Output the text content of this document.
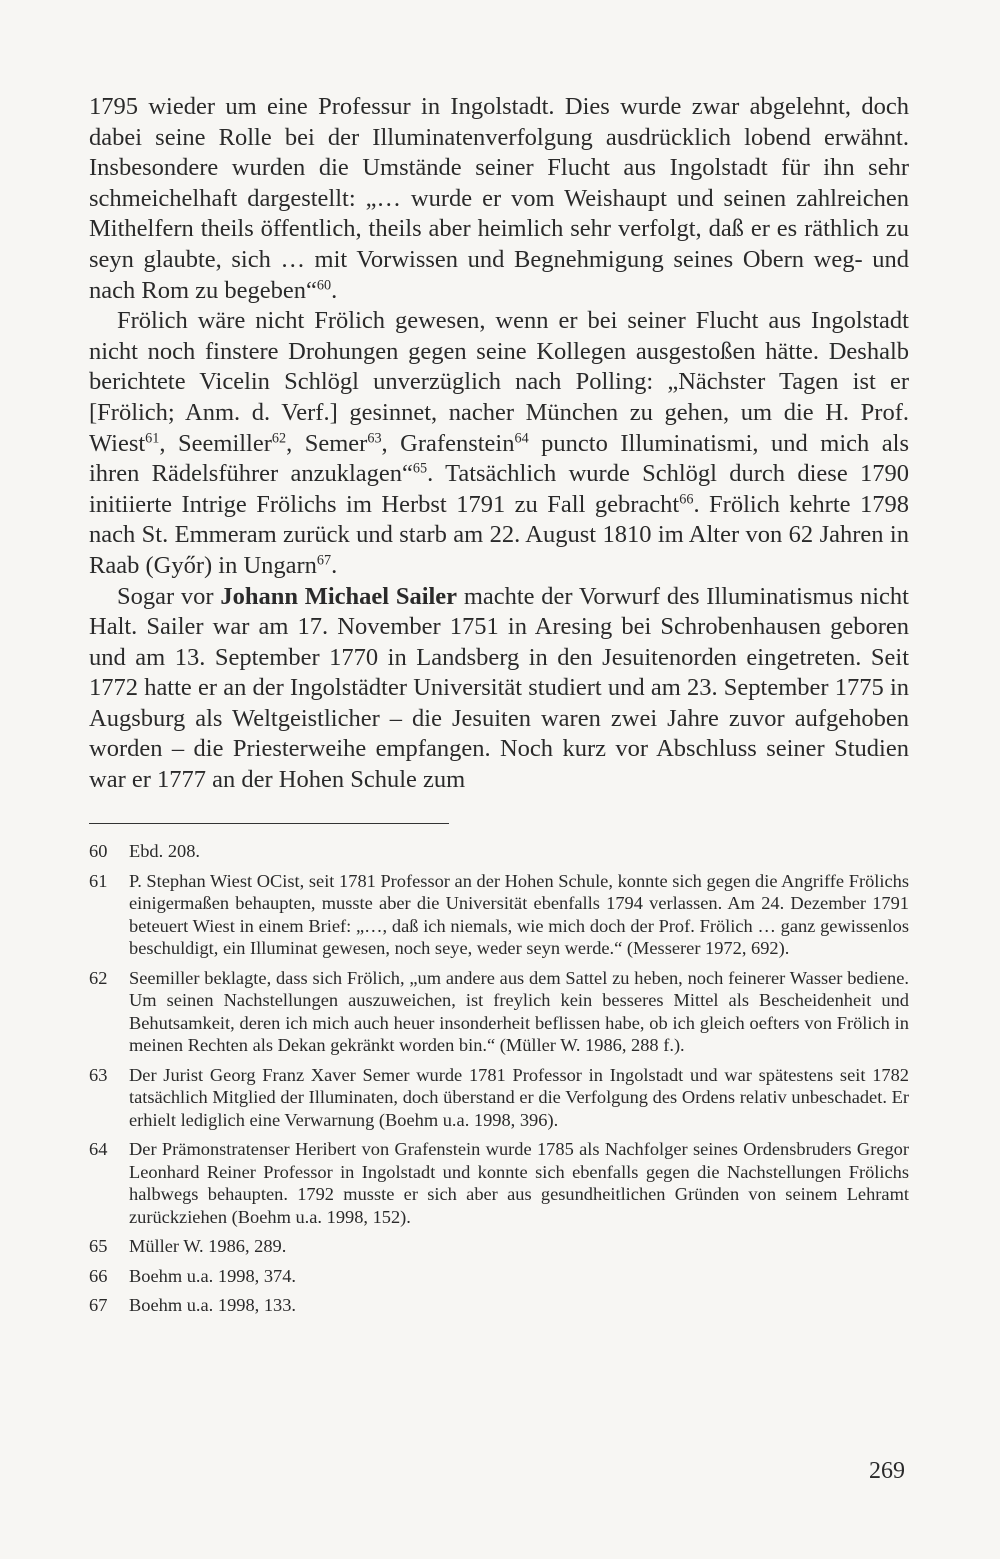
1795 wieder um eine Professur in Ingolstadt. Dies wurde zwar abgelehnt, doch dabei seine Rolle bei der Illuminatenverfolgung ausdrücklich lobend erwähnt. Insbesondere wurden die Umstände seiner Flucht aus Ingolstadt für ihn sehr schmeichelhaft dargestellt: „… wurde er vom Weishaupt und seinen zahlreichen Mithelfern theils öffentlich, theils aber heimlich sehr verfolgt, daß er es räthlich zu seyn glaubte, sich … mit Vorwissen und Begnehmigung seines Obern weg- und nach Rom zu begeben“$^{60}$.

Frölich wäre nicht Frölich gewesen, wenn er bei seiner Flucht aus Ingolstadt nicht noch finstere Drohungen gegen seine Kollegen ausgestoßen hätte. Deshalb berichtete Vicelin Schlögl unverzüglich nach Polling: „Nächster Tagen ist er [Frölich; Anm. d. Verf.] gesinnet, nacher München zu gehen, um die H. Prof. Wiest$^{61}$, Seemiller$^{62}$, Semer$^{63}$, Grafenstein$^{64}$ puncto Illuminatismi, und mich als ihren Rädelsführer anzuklagen“$^{65}$. Tatsächlich wurde Schlögl durch diese 1790 initiierte Intrige Frölichs im Herbst 1791 zu Fall gebracht$^{66}$. Frölich kehrte 1798 nach St. Emmeram zurück und starb am 22. August 1810 im Alter von 62 Jahren in Raab (Győr) in Ungarn$^{67}$.

Sogar vor Johann Michael Sailer machte der Vorwurf des Illuminatismus nicht Halt. Sailer war am 17. November 1751 in Aresing bei Schrobenhausen geboren und am 13. September 1770 in Landsberg in den Jesuitenorden eingetreten. Seit 1772 hatte er an der Ingolstädter Universität studiert und am 23. September 1775 in Augsburg als Weltgeistlicher – die Jesuiten waren zwei Jahre zuvor aufgehoben worden – die Priesterweihe empfangen. Noch kurz vor Abschluss seiner Studien war er 1777 an der Hohen Schule zum

60	Ebd. 208.
61	P. Stephan Wiest OCist, seit 1781 Professor an der Hohen Schule, konnte sich gegen die Angriffe Frölichs einigermaßen behaupten, musste aber die Universität ebenfalls 1794 verlassen. Am 24. Dezember 1791 beteuert Wiest in einem Brief: „…, daß ich niemals, wie mich doch der Prof. Frölich … ganz gewissenlos beschuldigt, ein Illuminat gewesen, noch seye, weder seyn werde.“ (Messerer 1972, 692).
62	Seemiller beklagte, dass sich Frölich, „um andere aus dem Sattel zu heben, noch feinerer Wasser bediene. Um seinen Nachstellungen auszuweichen, ist freylich kein besseres Mittel als Bescheidenheit und Behutsamkeit, deren ich mich auch heuer insonderheit beflissen habe, ob ich gleich oefters von Frölich in meinen Rechten als Dekan gekränkt worden bin.“ (Müller W. 1986, 288 f.).
63	Der Jurist Georg Franz Xaver Semer wurde 1781 Professor in Ingolstadt und war spätestens seit 1782 tatsächlich Mitglied der Illuminaten, doch überstand er die Verfolgung des Ordens relativ unbeschadet. Er erhielt lediglich eine Verwarnung (Boehm u.a. 1998, 396).
64	Der Prämonstratenser Heribert von Grafenstein wurde 1785 als Nachfolger seines Ordensbruders Gregor Leonhard Reiner Professor in Ingolstadt und konnte sich ebenfalls gegen die Nachstellungen Frölichs halbwegs behaupten. 1792 musste er sich aber aus gesundheitlichen Gründen von seinem Lehramt zurückziehen (Boehm u.a. 1998, 152).
65	Müller W. 1986, 289.
66	Boehm u.a. 1998, 374.
67	Boehm u.a. 1998, 133.
269
